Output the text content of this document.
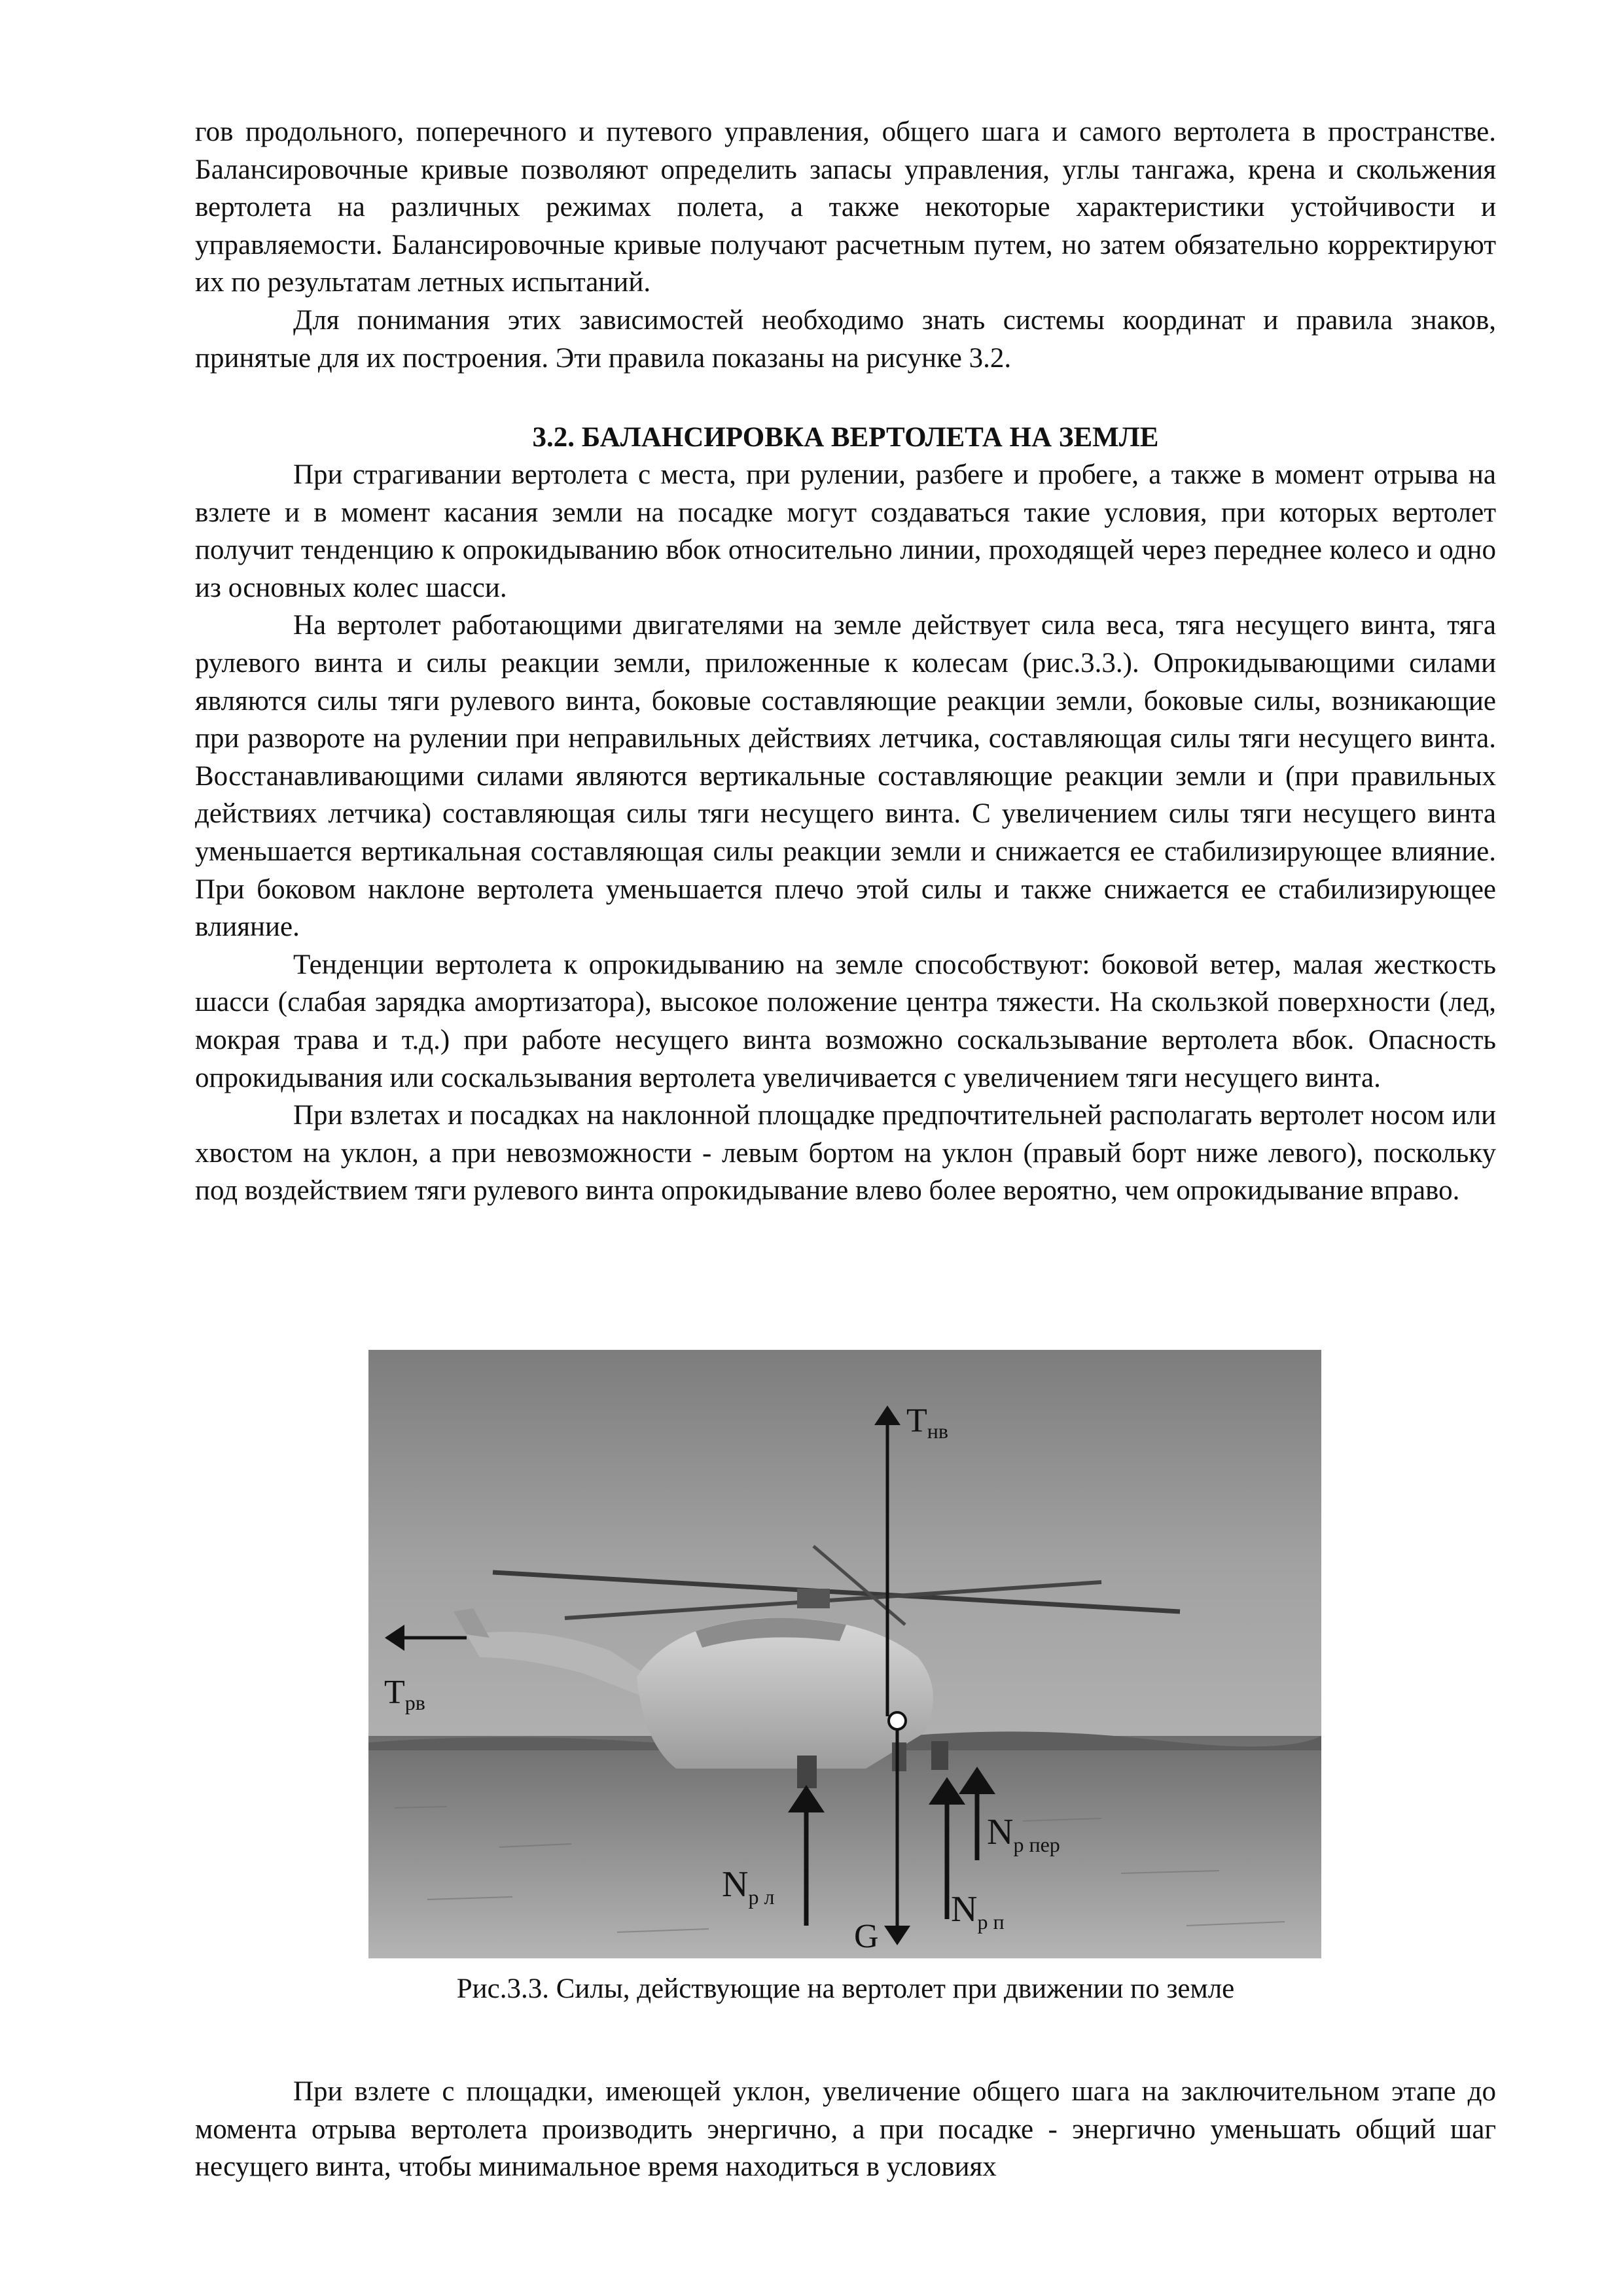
гов продольного, поперечного и путевого управления, общего шага и самого вертолета в пространстве. Балансировочные кривые позволяют определить запасы управления, углы тангажа, крена и скольжения вертолета на различных режимах полета, а также некоторые характеристики устойчивости и управляемости. Балансировочные кривые получают расчетным путем, но затем обязательно корректируют их по результатам летных испытаний.

Для понимания этих зависимостей необходимо знать системы координат и правила знаков, принятые для их построения. Эти правила показаны на рисунке 3.2.

3.2. БАЛАНСИРОВКА ВЕРТОЛЕТА НА ЗЕМЛЕ

При страгивании вертолета с места, при рулении, разбеге и пробеге, а также в момент отрыва на взлете и в момент касания земли на посадке могут создаваться такие условия, при которых вертолет получит тенденцию к опрокидыванию вбок относительно линии, проходящей через переднее колесо и одно из основных колес шасси.

На вертолет работающими двигателями на земле действует сила веса, тяга несущего винта, тяга рулевого винта и силы реакции земли, приложенные к колесам (рис.3.3.). Опрокидывающими силами являются силы тяги рулевого винта, боковые составляющие реакции земли, боковые силы, возникающие при развороте на рулении при неправильных действиях летчика, составляющая силы тяги несущего винта. Восстанавливающими силами являются вертикальные составляющие реакции земли и (при правильных действиях летчика) составляющая силы тяги несущего винта. С увеличением силы тяги несущего винта уменьшается вертикальная составляющая силы реакции земли и снижается ее стабилизирующее влияние. При боковом наклоне вертолета уменьшается плечо этой силы и также снижается ее стабилизирующее влияние.

Тенденции вертолета к опрокидыванию на земле способствуют: боковой ветер, малая жесткость шасси (слабая зарядка амортизатора), высокое положение центра тяжести. На скользкой поверхности (лед, мокрая трава и т.д.) при работе несущего винта возможно соскальзывание вертолета вбок. Опасность опрокидывания или соскальзывания вертолета увеличивается с увеличением тяги несущего винта.

При взлетах и посадках на наклонной площадке предпочтительней располагать вертолет носом или хвостом на уклон, а при невозможности - левым бортом на уклон (правый борт ниже левого), поскольку под воздействием тяги рулевого винта опрокидывание влево более вероятно, чем опрокидывание вправо.

Tнв
Tрв
$N_{р л}$
$N_{р пер}$
$N_{р п}$
G

Рис.3.3. Силы, действующие на вертолет при движении по земле

При взлете с площадки, имеющей уклон, увеличение общего шага на заключительном этапе до момента отрыва вертолета производить энергично, а при посадке - энергично уменьшать общий шаг несущего винта, чтобы минимальное время находиться в условиях
